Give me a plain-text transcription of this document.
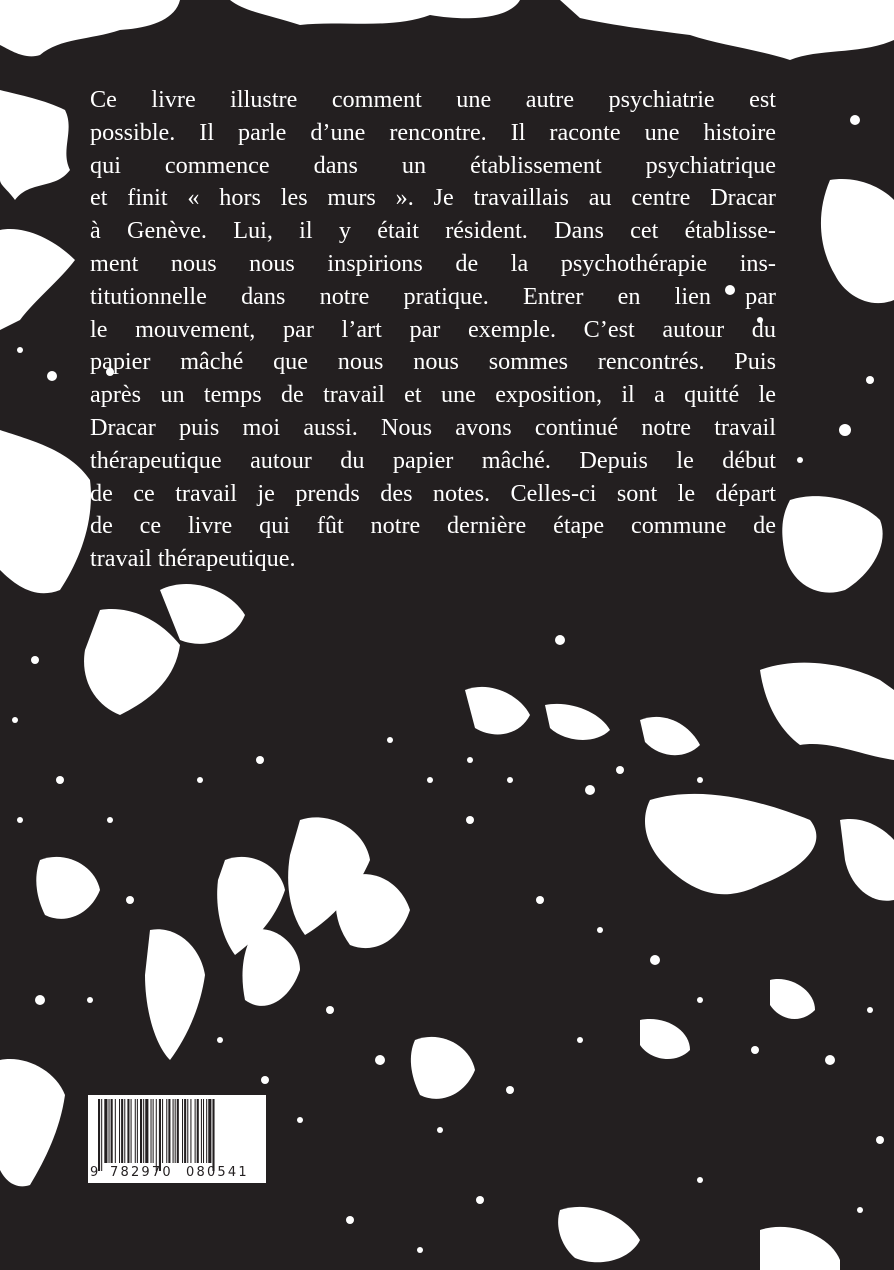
Ce livre illustre comment une autre psychiatrie est
possible. Il parle d’une rencontre. Il raconte une histoire
qui commence dans un établissement psychiatrique
et finit « hors les murs ». Je travaillais au centre Dracar
à Genève. Lui, il y était résident. Dans cet établisse-
ment nous nous inspirions de la psychothérapie ins-
titutionnelle dans notre pratique. Entrer en lien par
le mouvement, par l’art par exemple. C’est autour du
papier mâché que nous nous sommes rencontrés. Puis
après un temps de travail et une exposition, il a quitté le
Dracar puis moi aussi. Nous avons continué notre travail
thérapeutique autour du papier mâché. Depuis le début
de ce travail je prends des notes. Celles-ci sont le départ
de ce livre qui fût notre dernière étape commune de
travail thérapeutique.
9 782970 080541
